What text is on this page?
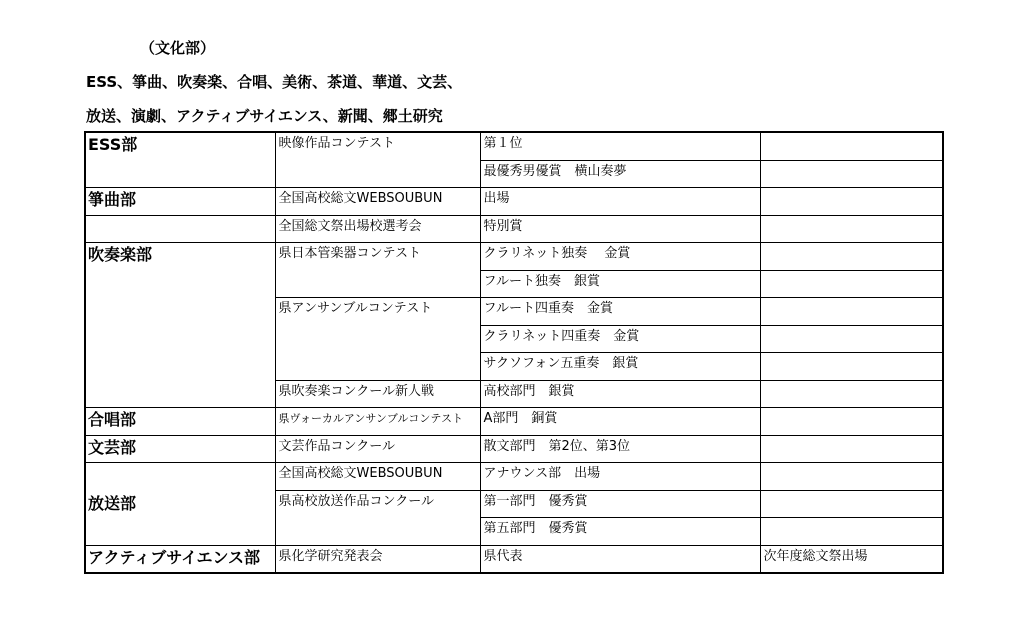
（文化部）
ESS、箏曲、吹奏楽、合唱、美術、茶道、華道、文芸、
放送、演劇、アクティブサイエンス、新聞、郷土研究
ESS部	映像作品コンテスト	第１位	
		最優秀男優賞　横山奏夢	
箏曲部	全国高校総文WEBSOUBUN	出場	
	全国総文祭出場校選考会	特別賞	
吹奏楽部	県日本管楽器コンテスト	クラリネット独奏　 金賞	
		フルート独奏　銀賞	
	県アンサンブルコンテスト	フルート四重奏　金賞	
		クラリネット四重奏　金賞	
		サクソフォン五重奏　銀賞	
	県吹奏楽コンクール新人戦	高校部門　銀賞	
合唱部	県ヴォーカルアンサンブルコンテスト	A部門　銅賞	
文芸部	文芸作品コンクール	散文部門　第2位、第3位	
放送部	全国高校総文WEBSOUBUN	アナウンス部　出場	
	県高校放送作品コンクール	第一部門　優秀賞	
		第五部門　優秀賞	
アクティブサイエンス部	県化学研究発表会	県代表	次年度総文祭出場
